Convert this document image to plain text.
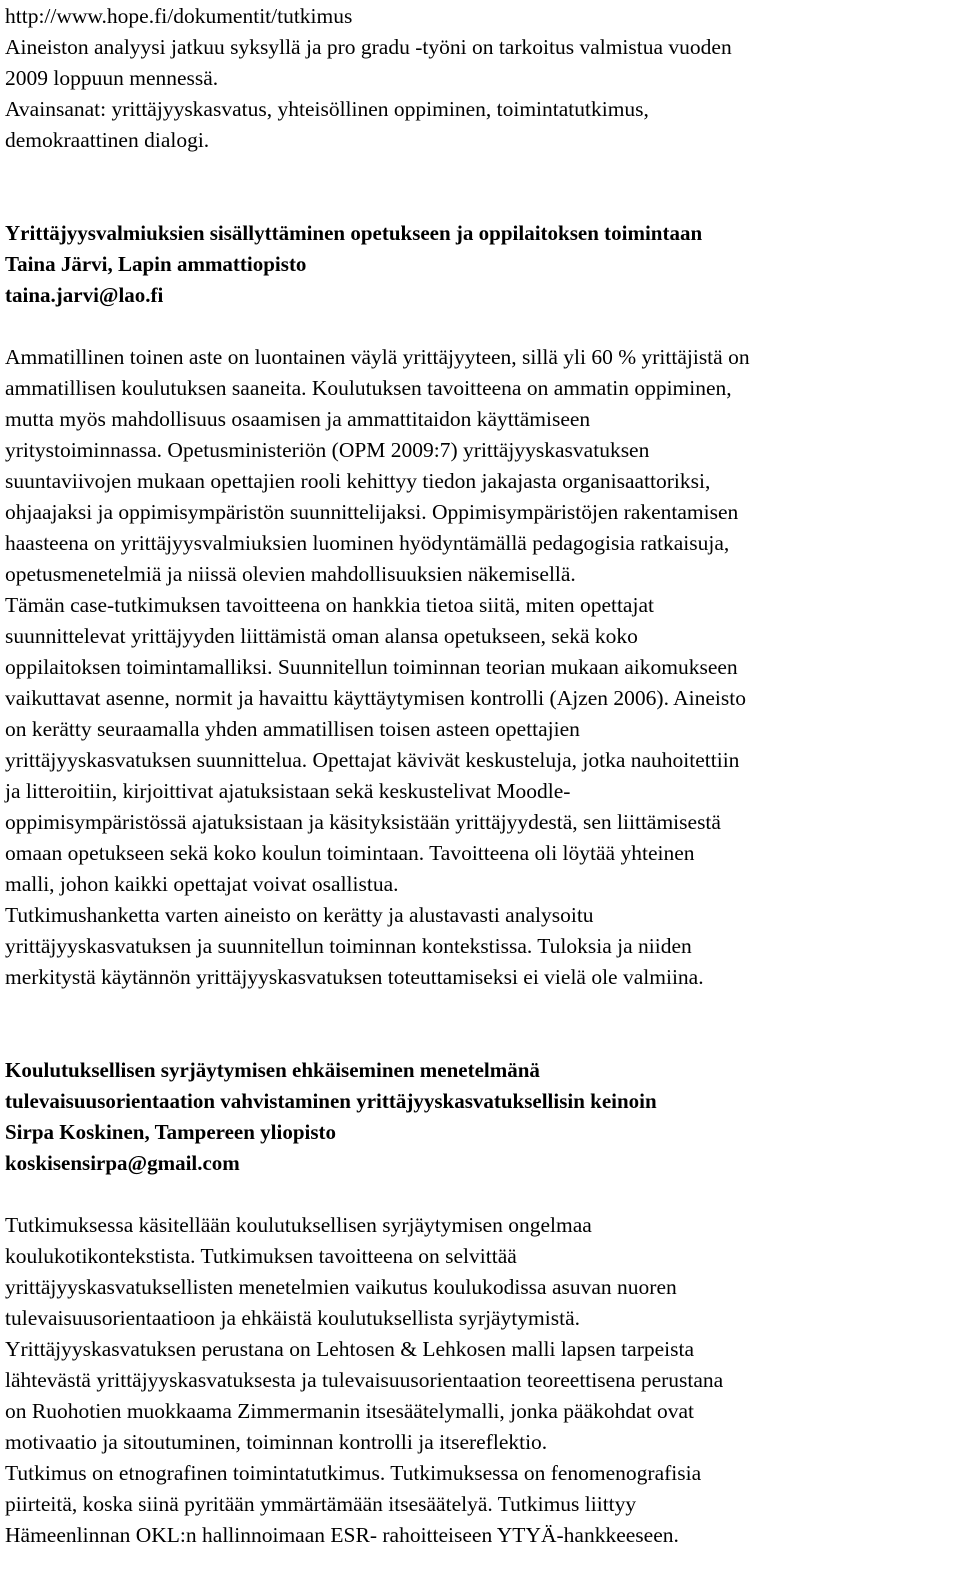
http://www.hope.fi/dokumentit/tutkimus
Aineiston analyysi jatkuu syksyllä ja pro gradu -työni on tarkoitus valmistua vuoden
2009 loppuun mennessä.
Avainsanat: yrittäjyyskasvatus, yhteisöllinen oppiminen, toimintatutkimus,
demokraattinen dialogi.
Yrittäjyysvalmiuksien sisällyttäminen opetukseen ja oppilaitoksen toimintaan
Taina Järvi, Lapin ammattiopisto
taina.jarvi@lao.fi
Ammatillinen toinen aste on luontainen väylä yrittäjyyteen, sillä yli 60 % yrittäjistä on
ammatillisen koulutuksen saaneita. Koulutuksen tavoitteena on ammatin oppiminen,
mutta myös mahdollisuus osaamisen ja ammattitaidon käyttämiseen
yritystoiminnassa. Opetusministeriön (OPM 2009:7) yrittäjyyskasvatuksen
suuntaviivojen mukaan opettajien rooli kehittyy tiedon jakajasta organisaattoriksi,
ohjaajaksi ja oppimisympäristön suunnittelijaksi. Oppimisympäristöjen rakentamisen
haasteena on yrittäjyysvalmiuksien luominen hyödyntämällä pedagogisia ratkaisuja,
opetusmenetelmiä ja niissä olevien mahdollisuuksien näkemisellä.
Tämän case-tutkimuksen tavoitteena on hankkia tietoa siitä, miten opettajat
suunnittelevat yrittäjyyden liittämistä oman alansa opetukseen, sekä koko
oppilaitoksen toimintamalliksi. Suunnitellun toiminnan teorian mukaan aikomukseen
vaikuttavat asenne, normit ja havaittu käyttäytymisen kontrolli (Ajzen 2006). Aineisto
on kerätty seuraamalla yhden ammatillisen toisen asteen opettajien
yrittäjyyskasvatuksen suunnittelua. Opettajat kävivät keskusteluja, jotka nauhoitettiin
ja litteroitiin, kirjoittivat ajatuksistaan sekä keskustelivat Moodle-
oppimisympäristössä ajatuksistaan ja käsityksistään yrittäjyydestä, sen liittämisestä
omaan opetukseen sekä koko koulun toimintaan. Tavoitteena oli löytää yhteinen
malli, johon kaikki opettajat voivat osallistua.
Tutkimushanketta varten aineisto on kerätty ja alustavasti analysoitu
yrittäjyyskasvatuksen ja suunnitellun toiminnan kontekstissa. Tuloksia ja niiden
merkitystä käytännön yrittäjyyskasvatuksen toteuttamiseksi ei vielä ole valmiina.
Koulutuksellisen syrjäytymisen ehkäiseminen menetelmänä
tulevaisuusorientaation vahvistaminen yrittäjyyskasvatuksellisin keinoin
Sirpa Koskinen, Tampereen yliopisto
koskisensirpa@gmail.com
Tutkimuksessa käsitellään koulutuksellisen syrjäytymisen ongelmaa
koulukotikontekstista. Tutkimuksen tavoitteena on selvittää
yrittäjyyskasvatuksellisten menetelmien vaikutus koulukodissa asuvan nuoren
tulevaisuusorientaatioon ja ehkäistä koulutuksellista syrjäytymistä.
Yrittäjyyskasvatuksen perustana on Lehtosen & Lehkosen malli lapsen tarpeista
lähtevästä yrittäjyyskasvatuksesta ja tulevaisuusorientaation teoreettisena perustana
on Ruohotien muokkaama Zimmermanin itsesäätelymalli, jonka pääkohdat ovat
motivaatio ja sitoutuminen, toiminnan kontrolli ja itsereflektio.
Tutkimus on etnografinen toimintatutkimus. Tutkimuksessa on fenomenografisia
piirteitä, koska siinä pyritään ymmärtämään itsesäätelyä. Tutkimus liittyy
Hämeenlinnan OKL:n hallinnoimaan ESR- rahoitteiseen YTYÄ-hankkeeseen.
